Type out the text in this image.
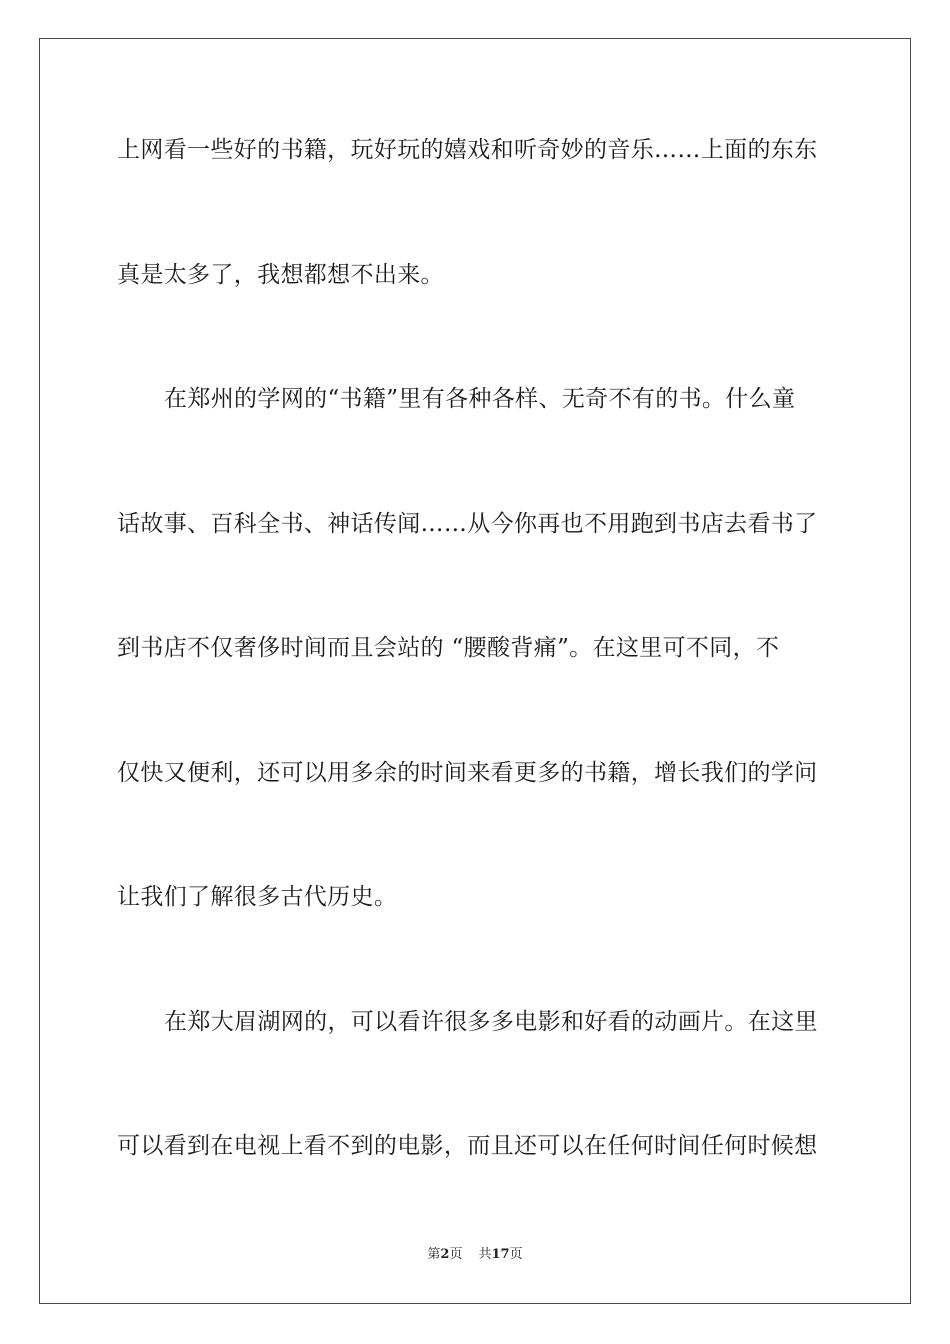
上网看一些好的书籍，玩好玩的嬉戏和听奇妙的音乐……上面的东东
真是太多了，我想都想不出来。
在郑州的学网的“书籍”里有各种各样、无奇不有的书。什么童
话故事、百科全书、神话传闻……从今你再也不用跑到书店去看书了
到书店不仅奢侈时间而且会站的 “腰酸背痛”。在这里可不同，不
仅快又便利，还可以用多余的时间来看更多的书籍，增长我们的学问
让我们了解很多古代历史。
在郑大眉湖网的，可以看许很多多电影和好看的动画片。在这里
可以看到在电视上看不到的电影，而且还可以在任何时间任何时候想
第2页 共17页
